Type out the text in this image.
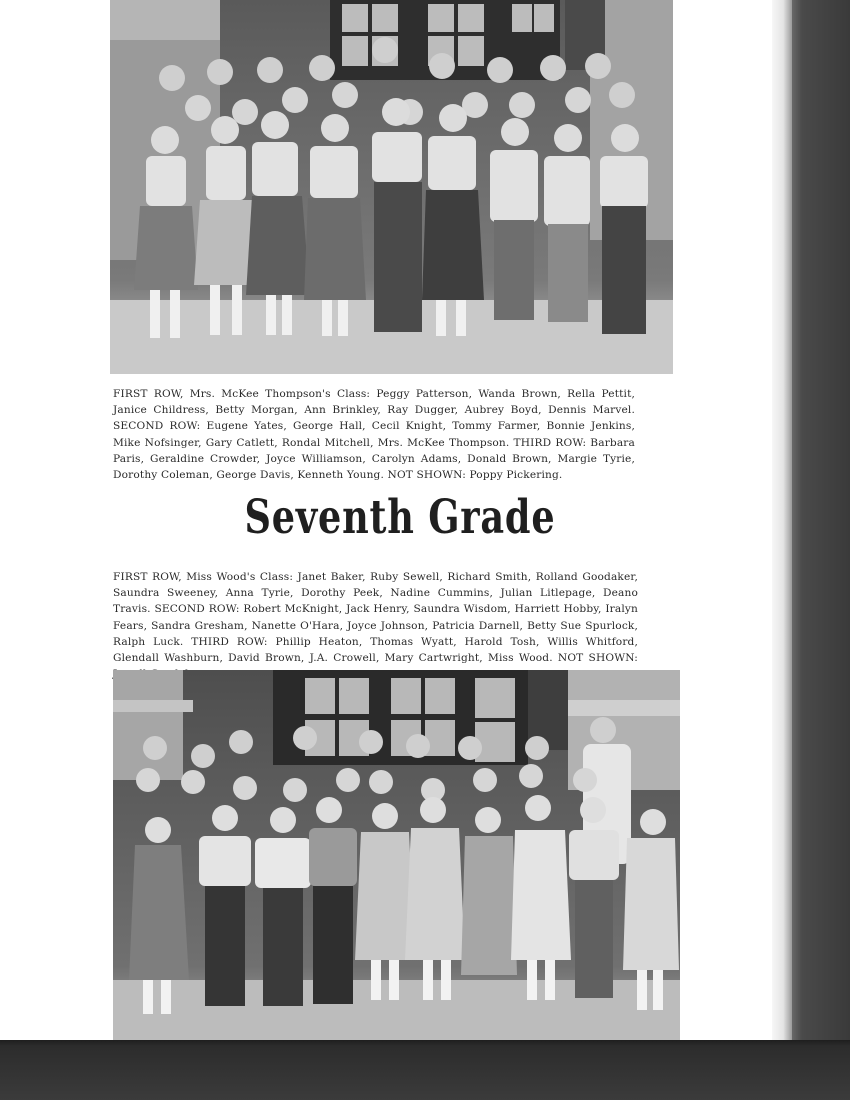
FIRST ROW, Mrs. McKee Thompson's Class: Peggy Patterson, Wanda Brown, Rella Pettit, Janice Childress, Betty Morgan, Ann Brinkley, Ray Dugger, Aubrey Boyd, Dennis Marvel. SECOND ROW: Eugene Yates, George Hall, Cecil Knight, Tommy Farmer, Bonnie Jenkins, Mike Nofsinger, Gary Catlett, Rondal Mitchell, Mrs. McKee Thompson. THIRD ROW: Barbara Paris, Geraldine Crowder, Joyce Williamson, Carolyn Adams, Donald Brown, Margie Tyrie, Dorothy Coleman, George Davis, Kenneth Young. NOT SHOWN: Poppy Pickering.

Seventh Grade

FIRST ROW, Miss Wood's Class: Janet Baker, Ruby Sewell, Richard Smith, Rolland Goodaker, Saundra Sweeney, Anna Tyrie, Dorothy Peek, Nadine Cummins, Julian Litlepage, Deano Travis. SECOND ROW: Robert McKnight, Jack Henry, Saundra Wisdom, Harriett Hobby, Iralyn Fears, Sandra Gresham, Nanette O'Hara, Joyce Johnson, Patricia Darnell, Betty Sue Spurlock, Ralph Luck. THIRD ROW: Phillip Heaton, Thomas Wyatt, Harold Tosh, Willis Whitford, Glendall Washburn, David Brown, J.A. Crowell, Mary Cartwright, Miss Wood. NOT SHOWN:
